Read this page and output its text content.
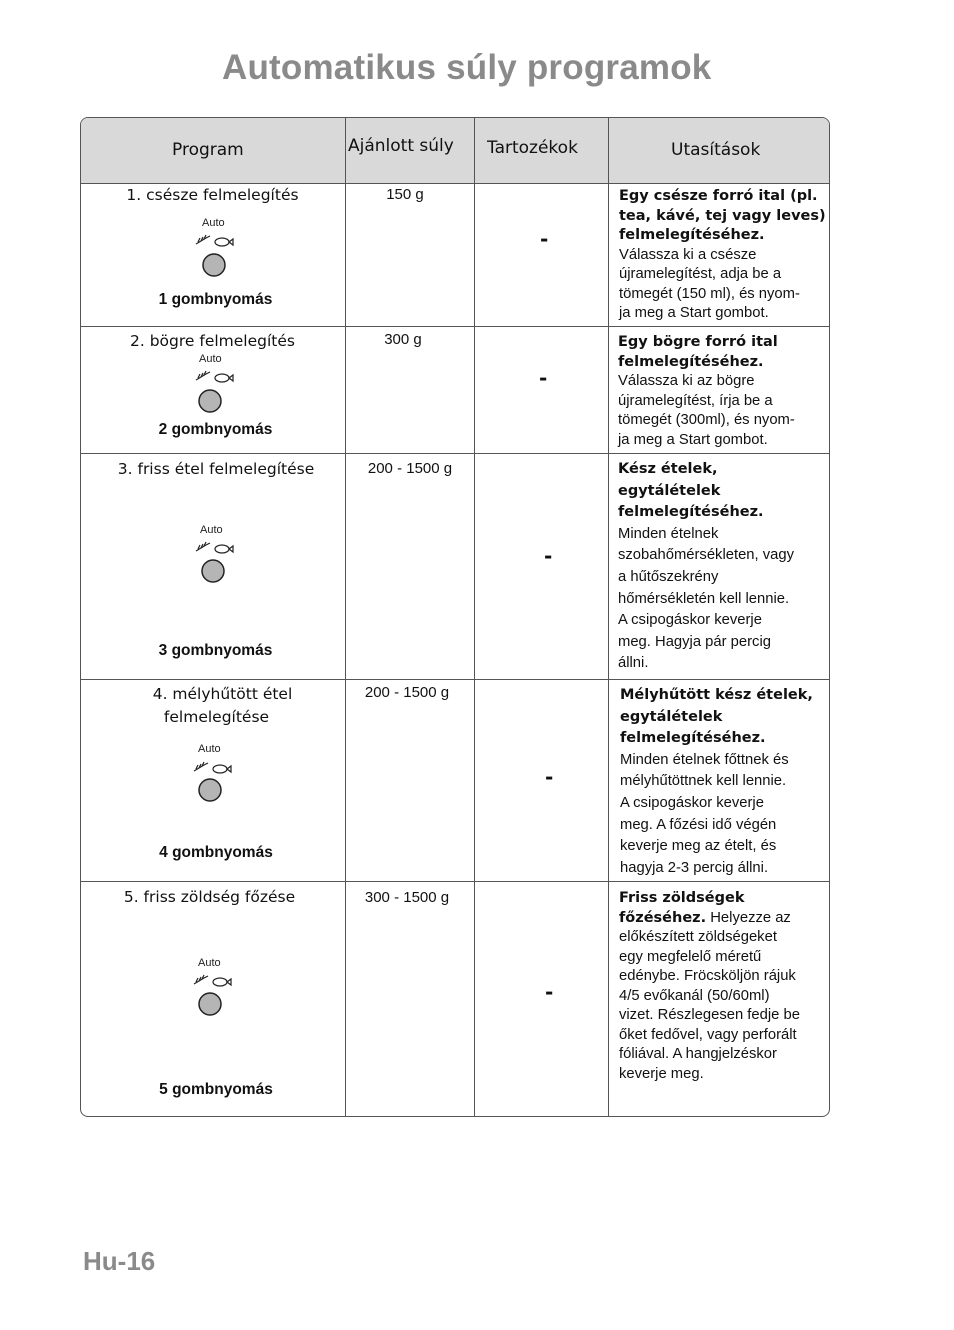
Automatikus súly programok
Program	Ajánlott súly Tartozékok	Utasítások
1. csésze felmelegítés
Auto
1 gombnyomás
150 g
-
Egy csésze forró ital (pl.
tea, kávé, tej vagy leves)
felmelegítéséhez.
Válassza ki a csésze
újramelegítést, adja be a
tömegét (150 ml), és nyom-
ja meg a Start gombot.
2. bögre felmelegítés
Auto
2 gombnyomás
300 g
-
Egy bögre forró ital
felmelegítéséhez.
Válassza ki az bögre
újramelegítést, írja be a
tömegét (300ml), és nyom-
ja meg a Start gombot.
3. friss étel felmelegítése
Auto
3 gombnyomás
200 - 1500 g
-
Kész ételek,
egytálételek
felmelegítéséhez.
Minden ételnek
szobahőmérsékleten, vagy
a hűtőszekrény
hőmérsékletén kell lennie.
A csipogáskor keverje
meg. Hagyja pár percig
állni.
4. mélyhűtött étel
felmelegítése
Auto
4 gombnyomás
200 - 1500 g
-
Mélyhűtött kész ételek,
egytálételek
felmelegítéséhez.
Minden ételnek főttnek és
mélyhűtöttnek kell lennie.
A csipogáskor keverje
meg. A főzési idő végén
keverje meg az ételt, és
hagyja 2-3 percig állni.
5. friss zöldség főzése
Auto
5 gombnyomás
300 - 1500 g
-
Friss zöldségek
főzéséhez. Helyezze az
előkészített zöldségeket
egy megfelelő méretű
edénybe. Fröcsköljön rájuk
4/5 evőkanál (50/60ml)
vizet. Részlegesen fedje be
őket fedővel, vagy perforált
fóliával. A hangjelzéskor
keverje meg.
Hu-16
